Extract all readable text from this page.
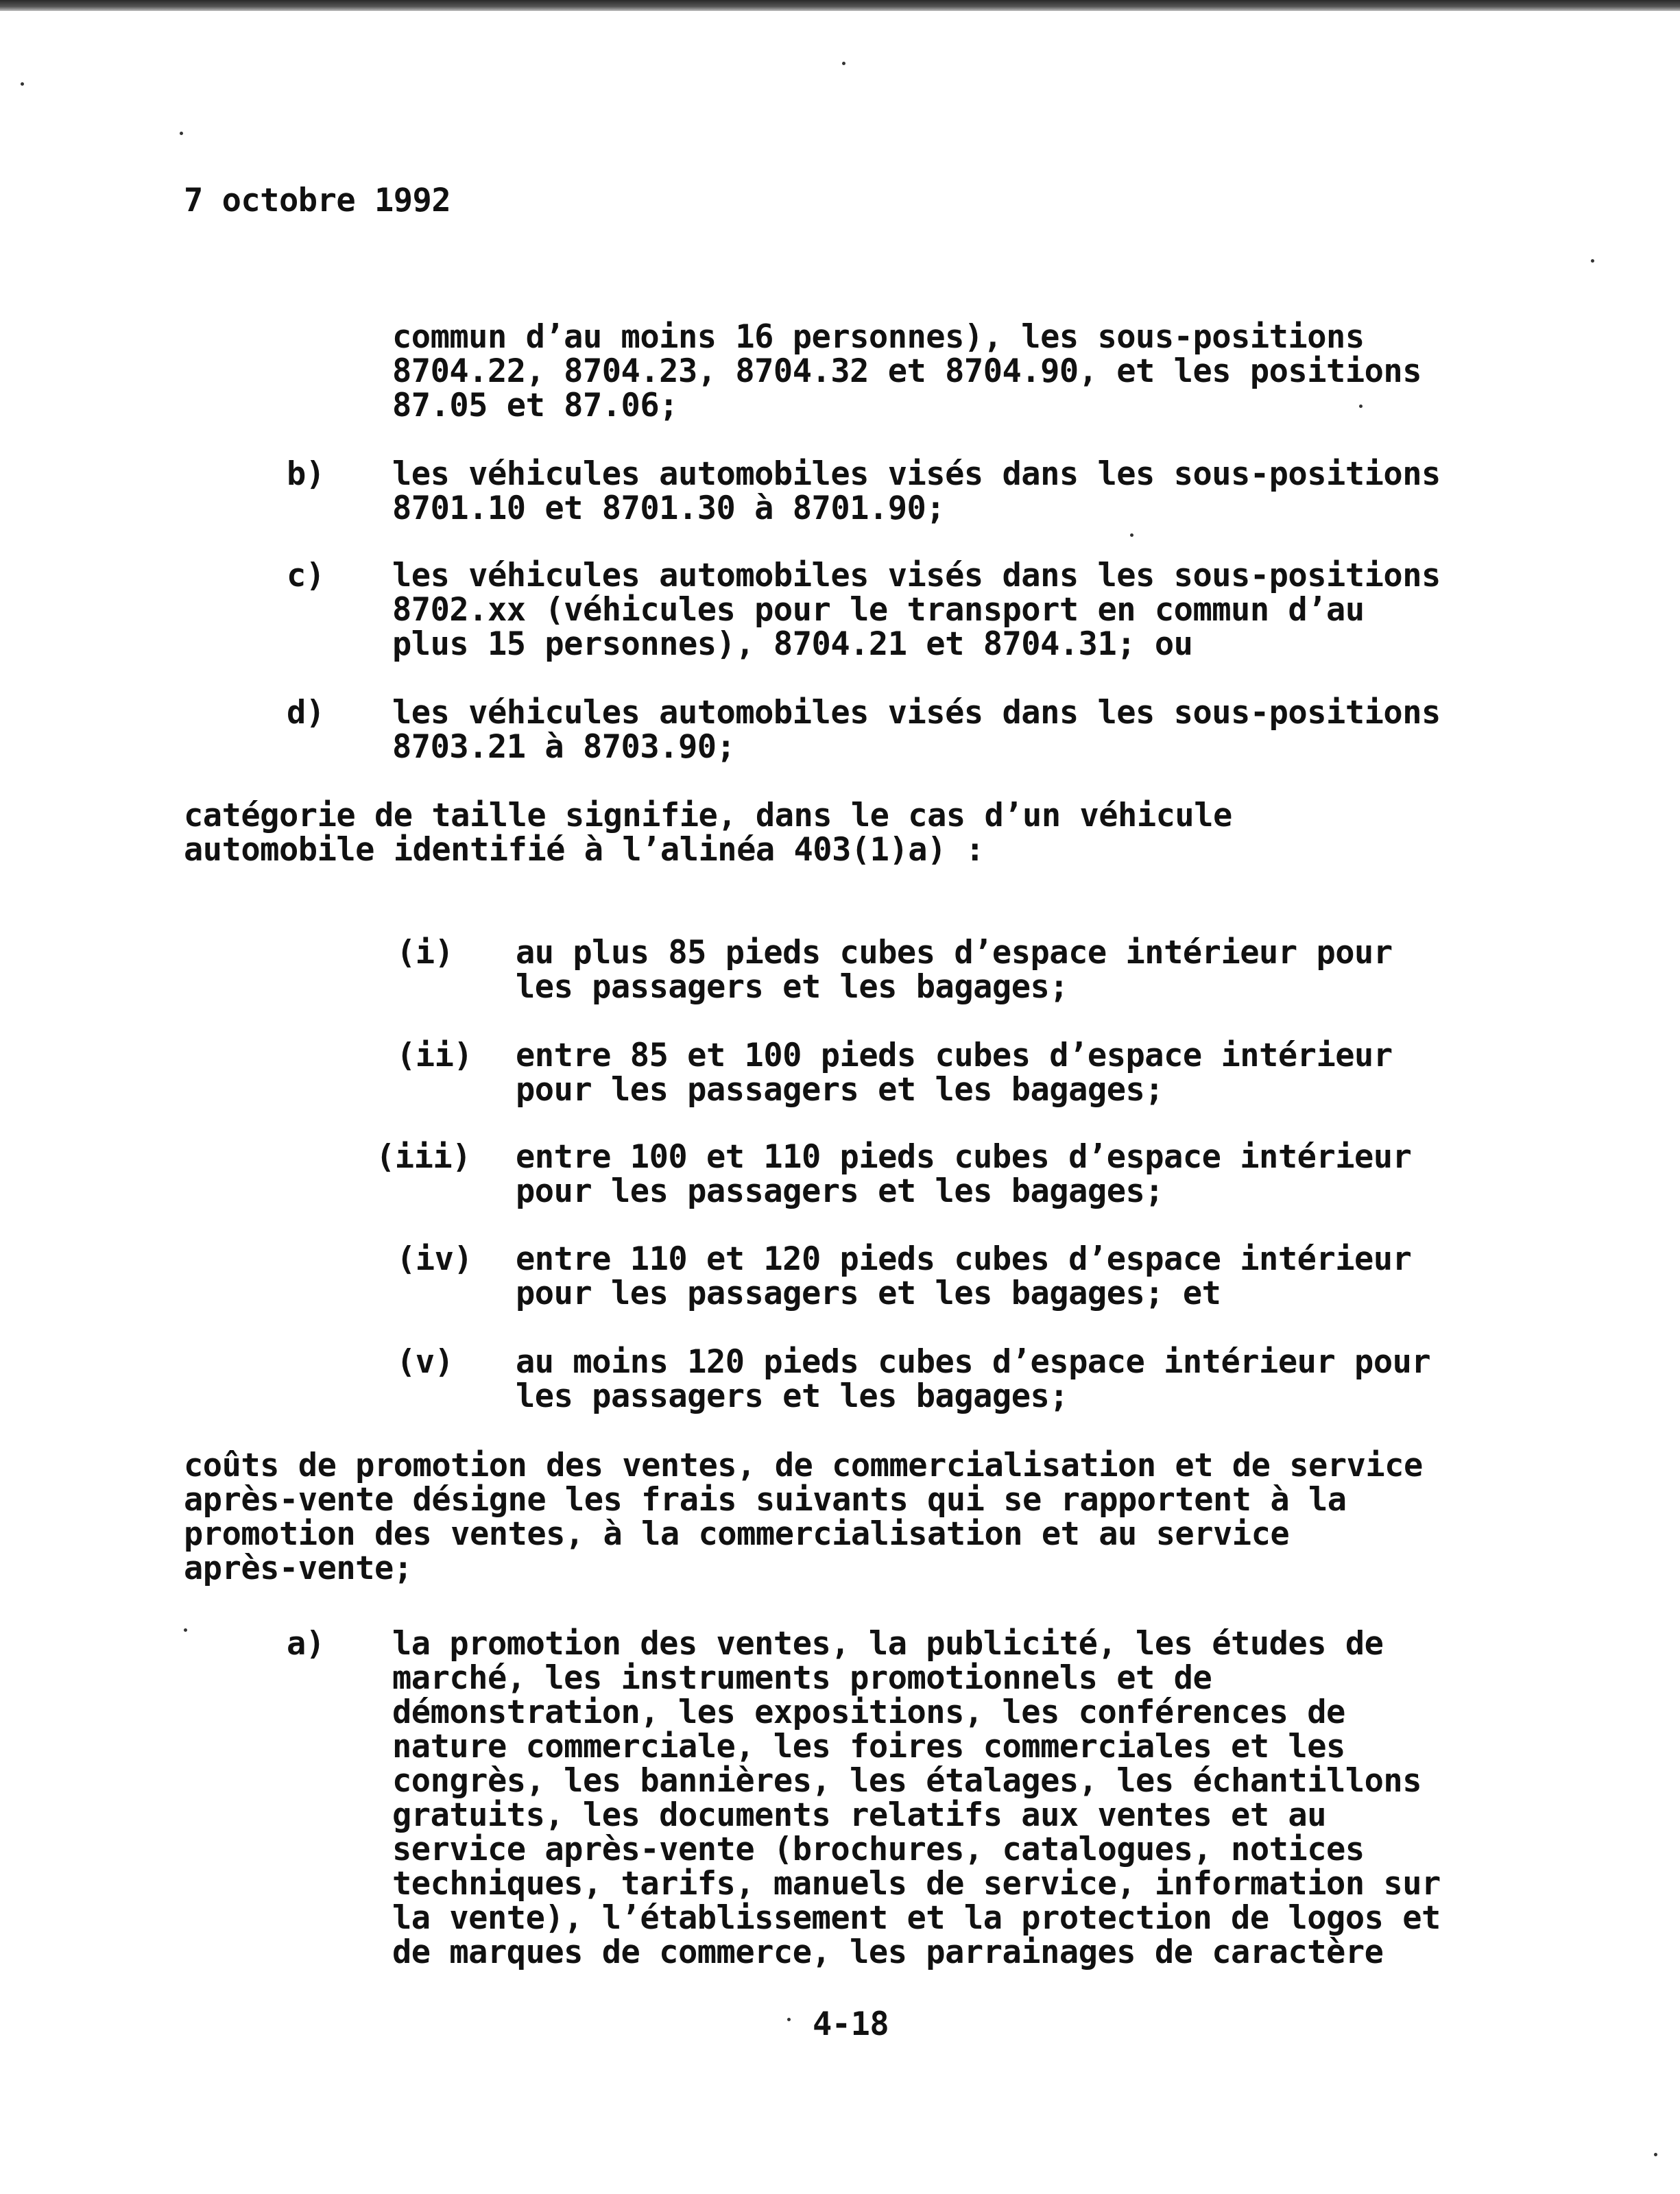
7 octobre 1992
commun d’au moins 16 personnes), les sous-positions
8704.22, 8704.23, 8704.32 et 8704.90, et les positions
87.05 et 87.06;
b) les véhicules automobiles visés dans les sous-positions
8701.10 et 8701.30 à 8701.90;
c) les véhicules automobiles visés dans les sous-positions
8702.xx (véhicules pour le transport en commun d’au
plus 15 personnes), 8704.21 et 8704.31; ou
d) les véhicules automobiles visés dans les sous-positions
8703.21 à 8703.90;
catégorie de taille signifie, dans le cas d’un véhicule
automobile identifié à l’alinéa 403(1)a) :
(i) au plus 85 pieds cubes d’espace intérieur pour
les passagers et les bagages;
(ii) entre 85 et 100 pieds cubes d’espace intérieur
pour les passagers et les bagages;
(iii) entre 100 et 110 pieds cubes d’espace intérieur
pour les passagers et les bagages;
(iv) entre 110 et 120 pieds cubes d’espace intérieur
pour les passagers et les bagages; et
(v) au moins 120 pieds cubes d’espace intérieur pour
les passagers et les bagages;
coûts de promotion des ventes, de commercialisation et de service
après-vente désigne les frais suivants qui se rapportent à la
promotion des ventes, à la commercialisation et au service
après-vente;
a) la promotion des ventes, la publicité, les études de
marché, les instruments promotionnels et de
démonstration, les expositions, les conférences de
nature commerciale, les foires commerciales et les
congrès, les bannières, les étalages, les échantillons
gratuits, les documents relatifs aux ventes et au
service après-vente (brochures, catalogues, notices
techniques, tarifs, manuels de service, information sur
la vente), l’établissement et la protection de logos et
de marques de commerce, les parrainages de caractère
4-18
